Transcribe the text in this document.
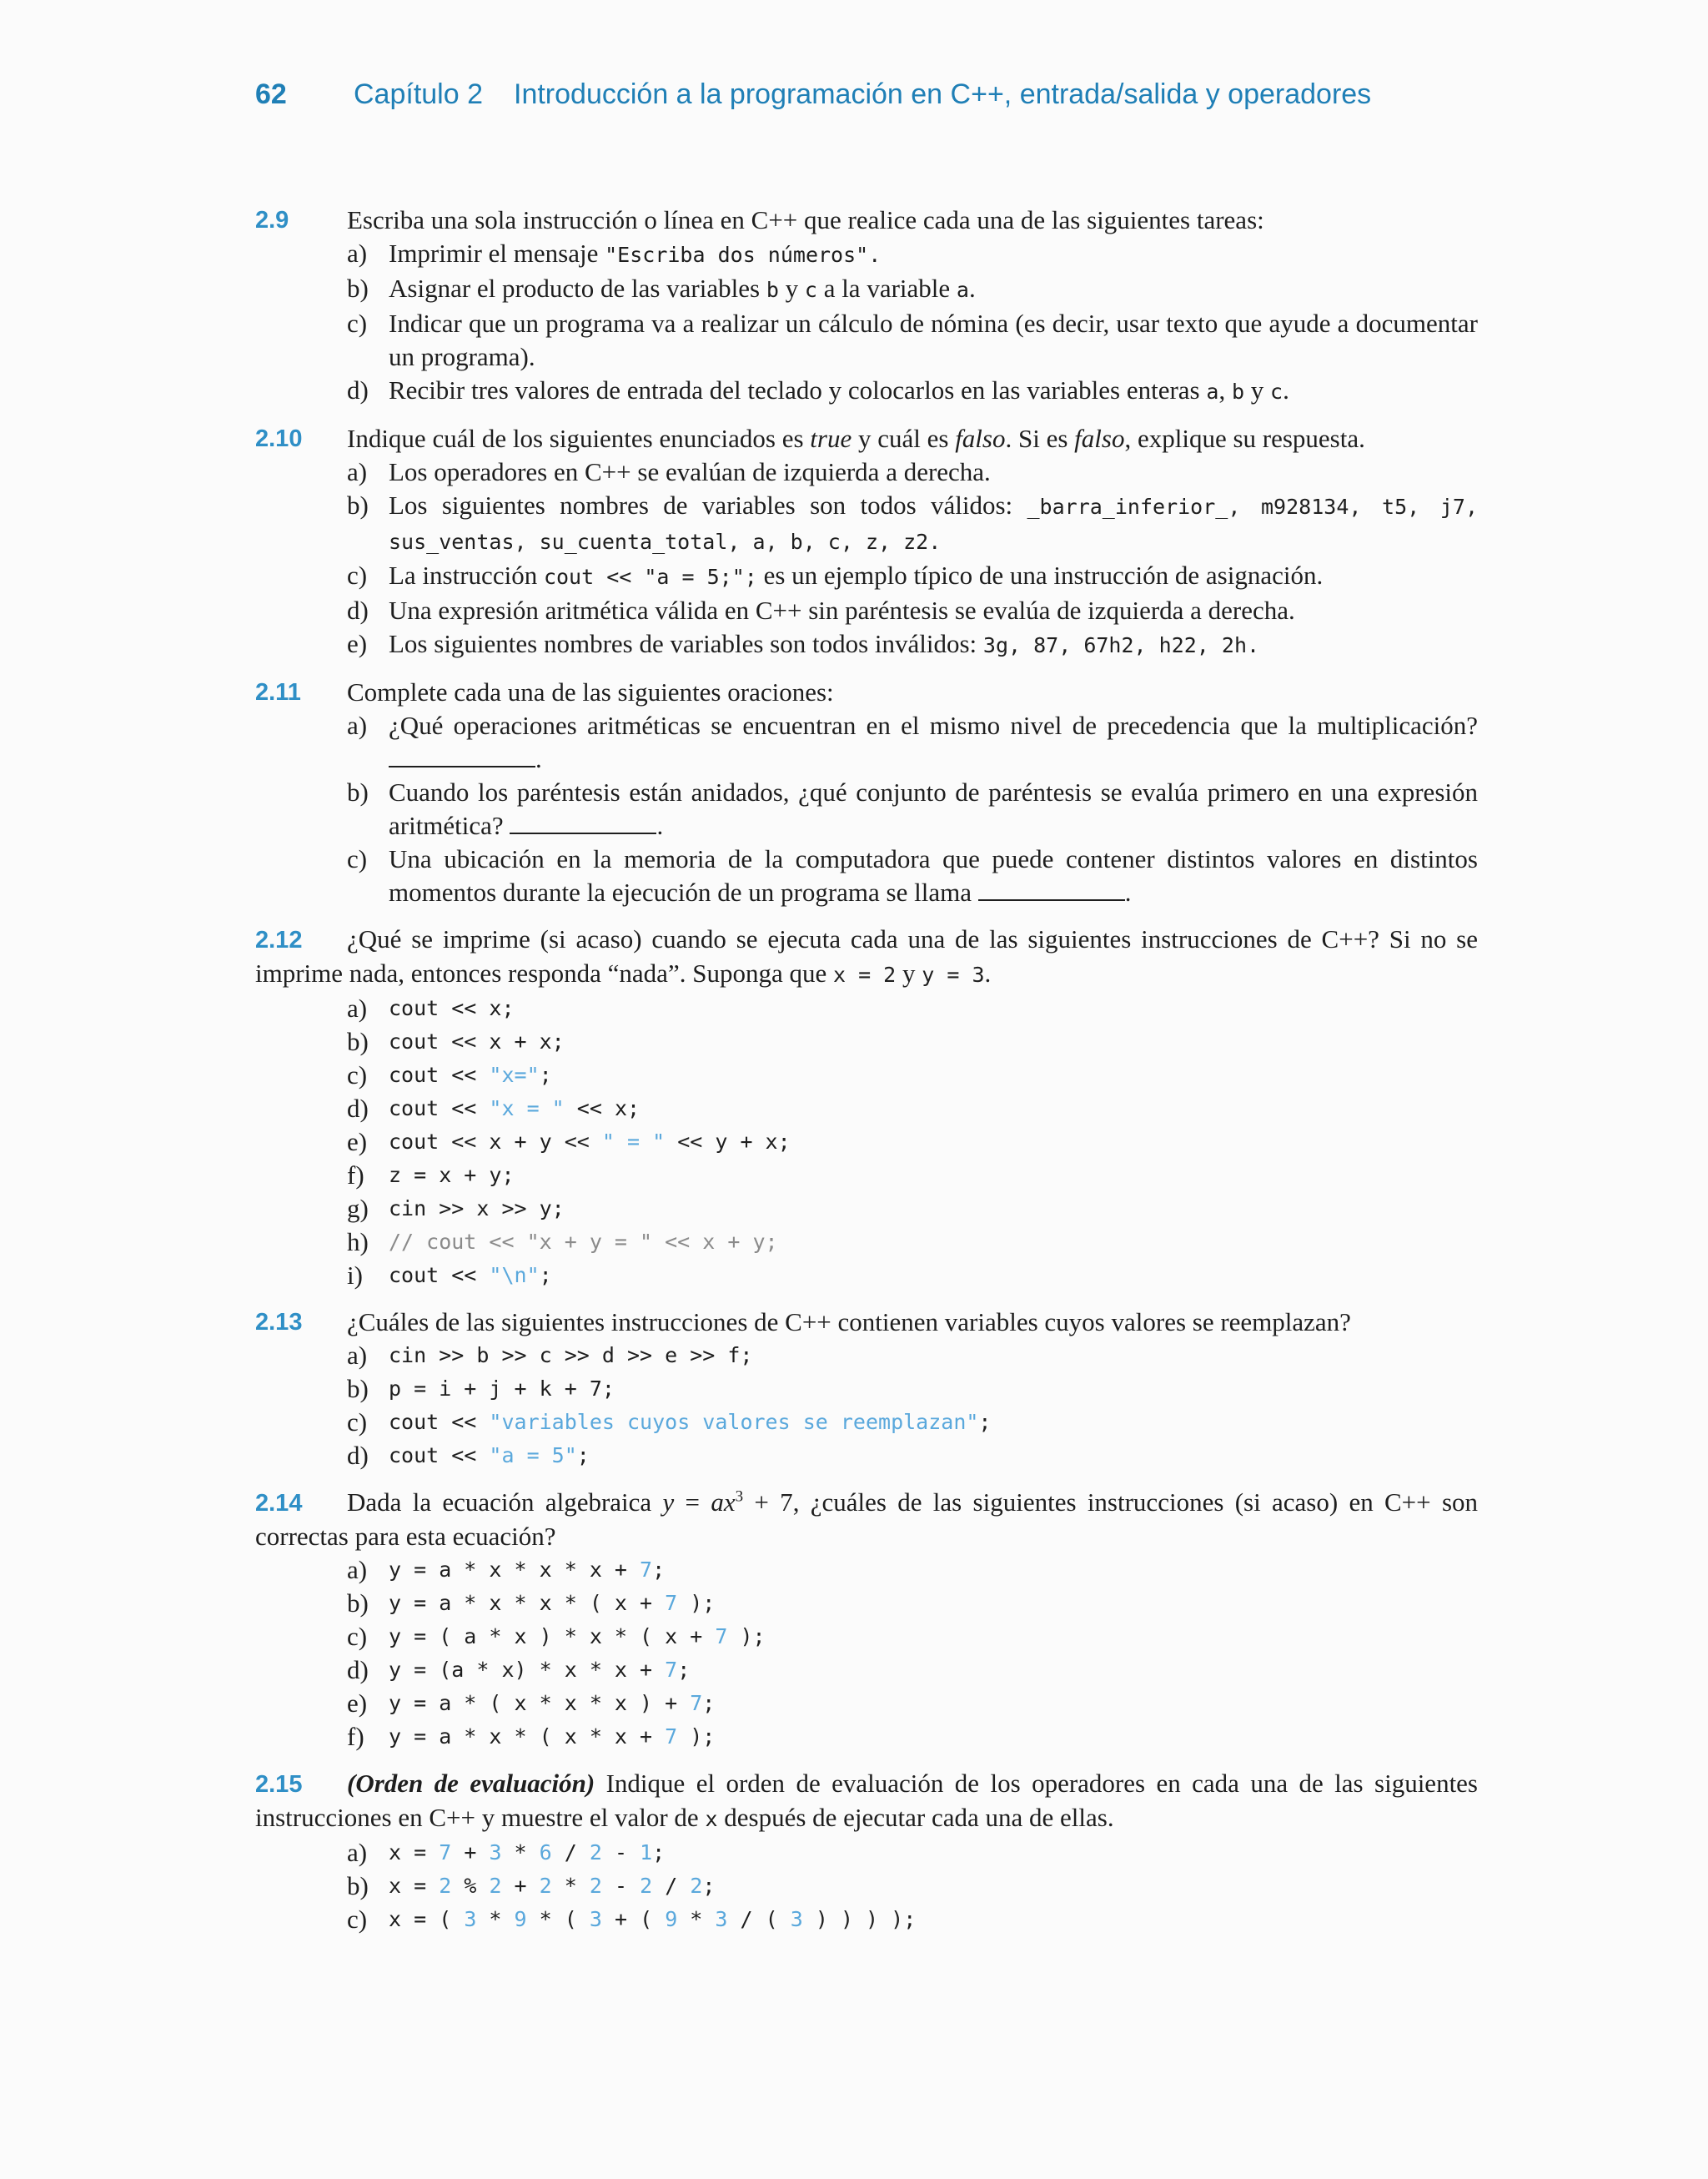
62 Capítulo 2 Introducción a la programación en C++, entrada/salida y operadores
2.9	Escriba una sola instrucción o línea en C++ que realice cada una de las siguientes tareas:
a) Imprimir el mensaje "Escriba dos números".
b) Asignar el producto de las variables b y c a la variable a.
c) Indicar que un programa va a realizar un cálculo de nómina (es decir, usar texto que ayude a documentar un programa).
d) Recibir tres valores de entrada del teclado y colocarlos en las variables enteras a, b y c.
2.10	Indique cuál de los siguientes enunciados es true y cuál es falso. Si es falso, explique su respuesta.
a) Los operadores en C++ se evalúan de izquierda a derecha.
b) Los siguientes nombres de variables son todos válidos: _barra_inferior_, m928134, t5, j7, sus_ventas, su_cuenta_total, a, b, c, z, z2.
c) La instrucción cout << "a = 5;"; es un ejemplo típico de una instrucción de asignación.
d) Una expresión aritmética válida en C++ sin paréntesis se evalúa de izquierda a derecha.
e) Los siguientes nombres de variables son todos inválidos: 3g, 87, 67h2, h22, 2h.
2.11	Complete cada una de las siguientes oraciones:
a) ¿Qué operaciones aritméticas se encuentran en el mismo nivel de precedencia que la multiplicación? .
b) Cuando los paréntesis están anidados, ¿qué conjunto de paréntesis se evalúa primero en una expresión aritmética?	.
c) Una ubicación en la memoria de la computadora que puede contener distintos valores en distintos momentos durante la ejecución de un programa se llama	.
2.12 ¿Qué se imprime (si acaso) cuando se ejecuta cada una de las siguientes instrucciones de C++? Si no se imprime nada, entonces responda “nada”. Suponga que x = 2 y y = 3.
a)	cout << x;
b) cout << x + x;
c)	cout << "x=";
d) cout << "x = " << x;
e)	cout << x + y << " = " << y + x;
f)	z = x + y;
g) cin >> x >> y;
h) // cout << "x + y = " << x + y;
i)	cout << "\n";
2.13	¿Cuáles de las siguientes instrucciones de C++ contienen variables cuyos valores se reemplazan?
a)	cin >> b >> c >> d >> e >> f;
b) p = i + j + k + 7;
c)	cout << "variables cuyos valores se reemplazan";
d) cout << "a = 5";
2.14 Dada la ecuación algebraica $y = ax^3 + 7$, ¿cuáles de las siguientes instrucciones (si acaso) en C++ son correctas para esta ecuación?
a)	y = a * x * x * x + 7;
b) y = a * x * x * ( x + 7 );
c)	y = ( a * x ) * x * ( x + 7 );
d) y = (a * x) * x * x + 7;
e)	y = a * ( x * x * x ) + 7;
f)	y = a * x * ( x * x + 7 );
2.15 (Orden de evaluación) Indique el orden de evaluación de los operadores en cada una de las siguientes instrucciones en C++ y muestre el valor de x después de ejecutar cada una de ellas.
a)	x = 7 + 3 * 6 / 2 - 1;
b) x = 2 % 2 + 2 * 2 - 2 / 2;
c)	x = ( 3 * 9 * ( 3 + ( 9 * 3 / ( 3 ) ) ) );
